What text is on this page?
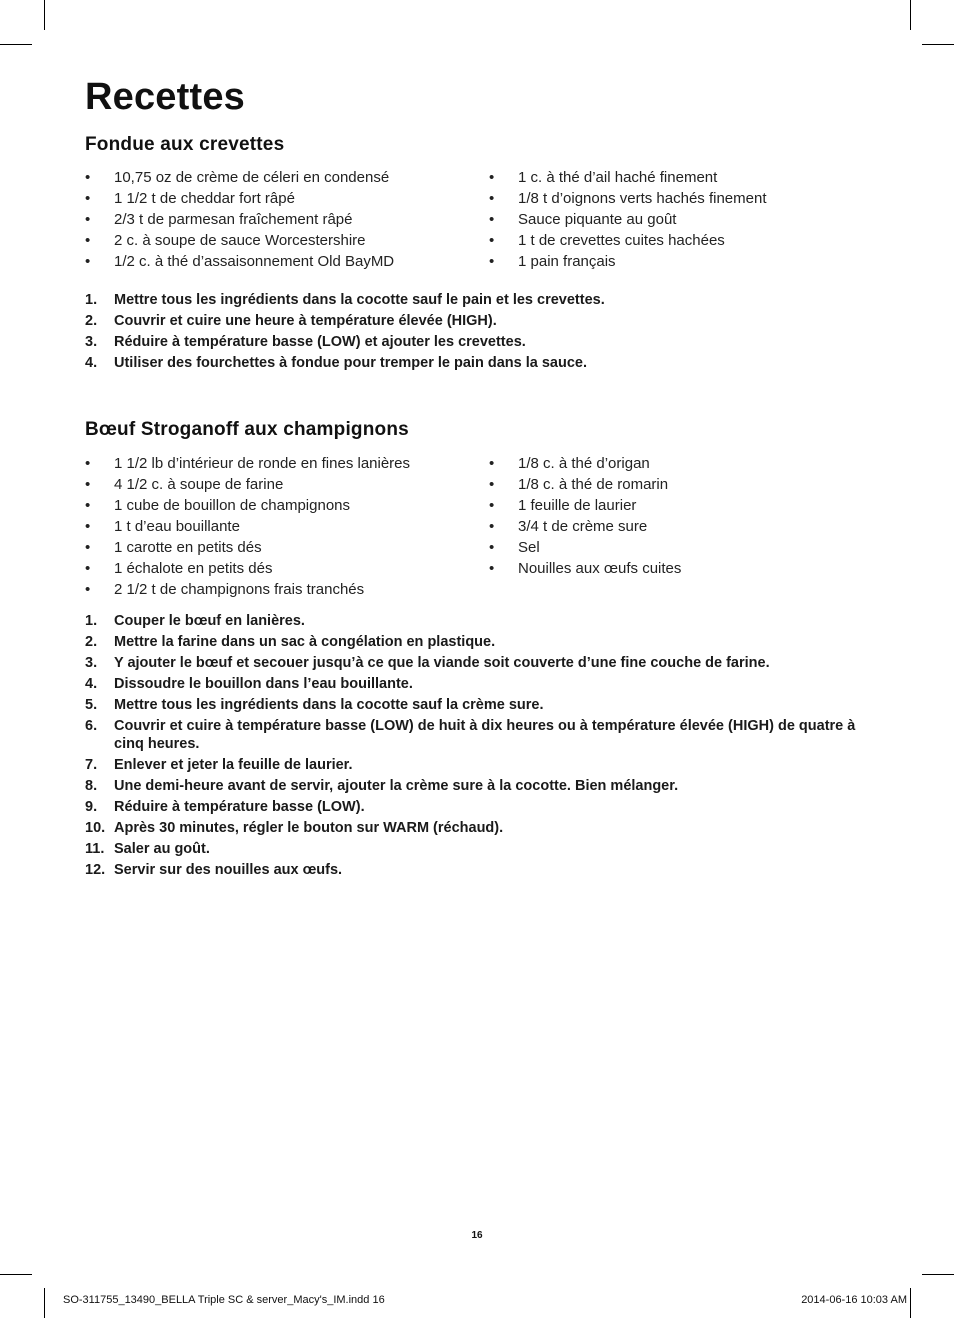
Recettes
Fondue aux crevettes
• 10,75 oz de crème de céleri en condensé
• 1 1/2 t de cheddar fort râpé
• 2/3 t de parmesan fraîchement râpé
• 2 c. à soupe de sauce Worcestershire
• 1/2 c. à thé d’assaisonnement Old BayMD
• 1 c. à thé d’ail haché finement
• 1/8 t d’oignons verts hachés finement
• Sauce piquante au goût
• 1 t de crevettes cuites hachées
• 1 pain français
1. Mettre tous les ingrédients dans la cocotte sauf le pain et les crevettes.
2. Couvrir et cuire une heure à température élevée (HIGH).
3. Réduire à température basse (LOW) et ajouter les crevettes.
4. Utiliser des fourchettes à fondue pour tremper le pain dans la sauce.
Bœuf Stroganoff aux champignons
• 1 1/2 lb d’intérieur de ronde en fines lanières
• 4 1/2 c. à soupe de farine
• 1 cube de bouillon de champignons
• 1 t d’eau bouillante
• 1 carotte en petits dés
• 1 échalote en petits dés
• 2 1/2 t de champignons frais tranchés
• 1/8 c. à thé d’origan
• 1/8 c. à thé de romarin
• 1 feuille de laurier
• 3/4 t de crème sure
• Sel
• Nouilles aux œufs cuites
1. Couper le bœuf en lanières.
2. Mettre la farine dans un sac à congélation en plastique.
3. Y ajouter le bœuf et secouer jusqu’à ce que la viande soit couverte d’une fine couche de farine.
4. Dissoudre le bouillon dans l’eau bouillante.
5. Mettre tous les ingrédients dans la cocotte sauf la crème sure.
6. Couvrir et cuire à température basse (LOW) de huit à dix heures ou à température élevée (HIGH) de quatre à cinq heures.
7. Enlever et jeter la feuille de laurier.
8. Une demi-heure avant de servir, ajouter la crème sure à la cocotte. Bien mélanger.
9. Réduire à température basse (LOW).
10. Après 30 minutes, régler le bouton sur WARM (réchaud).
11. Saler au goût.
12. Servir sur des nouilles aux œufs.
16
SO-311755_13490_BELLA Triple SC & server_Macy's_IM.indd 16	2014-06-16 10:03 AM
